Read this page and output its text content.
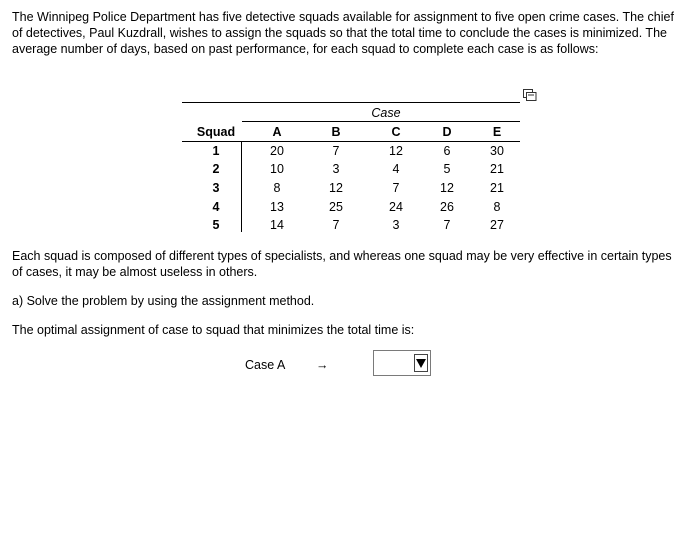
The Winnipeg Police Department has five detective squads available for assignment to five open crime cases. The chief of detectives, Paul Kuzdrall, wishes to assign the squads so that the total time to conclude the cases is minimized. The average number of days, based on past performance, for each squad to complete each case is as follows:

Case
Squad	A	B	C	D	E
1	20	7	12	6	30
2	10	3	4	5	21
3	8	12	7	12	21
4	13	25	24	26	8
5	14	7	3	7	27

Each squad is composed of different types of specialists, and whereas one squad may be very effective in certain types of cases, it may be almost useless in others.

a) Solve the problem by using the assignment method.

The optimal assignment of case to squad that minimizes the total time is:

Case A →
